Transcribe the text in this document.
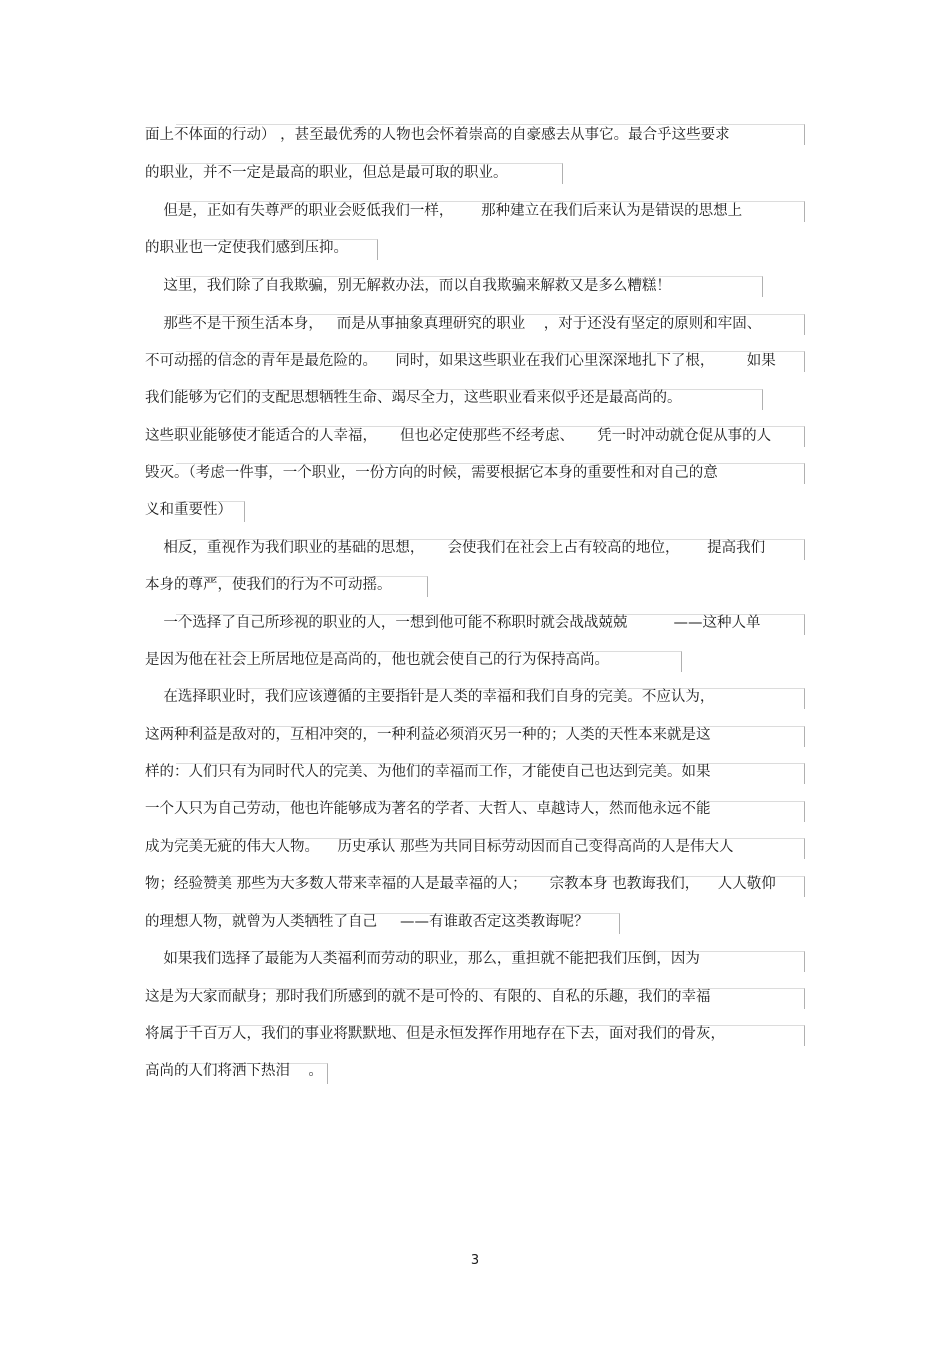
面上不体面的行动） ，甚至最优秀的人物也会怀着崇高的自豪感去从事它。最合乎这些要求
的职业，并不一定是最高的职业，但总是最可取的职业。
但是，正如有失尊严的职业会贬低我们一样，      那种建立在我们后来认为是错误的思想上
的职业也一定使我们感到压抑。
这里，我们除了自我欺骗，别无解救办法，而以自我欺骗来解救又是多么糟糕！
那些不是干预生活本身，   而是从事抽象真理研究的职业    ，对于还没有坚定的原则和牢固、
不可动摇的信念的青年是最危险的。    同时，如果这些职业在我们心里深深地扎下了根，       如果
我们能够为它们的支配思想牺牲生命、竭尽全力，这些职业看来似乎还是最高尚的。
这些职业能够使才能适合的人幸福，     但也必定使那些不经考虑、     凭一时冲动就仓促从事的人
毁灭。（考虑一件事，一个职业，一份方向的时候，需要根据它本身的重要性和对自己的意
义和重要性）
相反，重视作为我们职业的基础的思想，     会使我们在社会上占有较高的地位，      提高我们
本身的尊严，使我们的行为不可动摇。
一个选择了自己所珍视的职业的人，一想到他可能不称职时就会战战兢兢          ——这种人单
是因为他在社会上所居地位是高尚的，他也就会使自己的行为保持高尚。
在选择职业时，我们应该遵循的主要指针是人类的幸福和我们自身的完美。不应认为，
这两种利益是敌对的，互相冲突的，一种利益必须消灭另一种的；人类的天性本来就是这
样的：人们只有为同时代人的完美、为他们的幸福而工作，才能使自己也达到完美。如果
一个人只为自己劳动，他也许能够成为著名的学者、大哲人、卓越诗人，然而他永远不能
成为完美无疵的伟大人物。    历史承认 那些为共同目标劳动因而自己变得高尚的人是伟大人
物；经验赞美 那些为大多数人带来幸福的人是最幸福的人；     宗教本身 也教诲我们，    人人敬仰
的理想人物，就曾为人类牺牲了自己     ——有谁敢否定这类教诲呢？
如果我们选择了最能为人类福利而劳动的职业，那么，重担就不能把我们压倒，因为
这是为大家而献身；那时我们所感到的就不是可怜的、有限的、自私的乐趣，我们的幸福
将属于千百万人，我们的事业将默默地、但是永恒发挥作用地存在下去，面对我们的骨灰，
高尚的人们将洒下热泪    。
3
